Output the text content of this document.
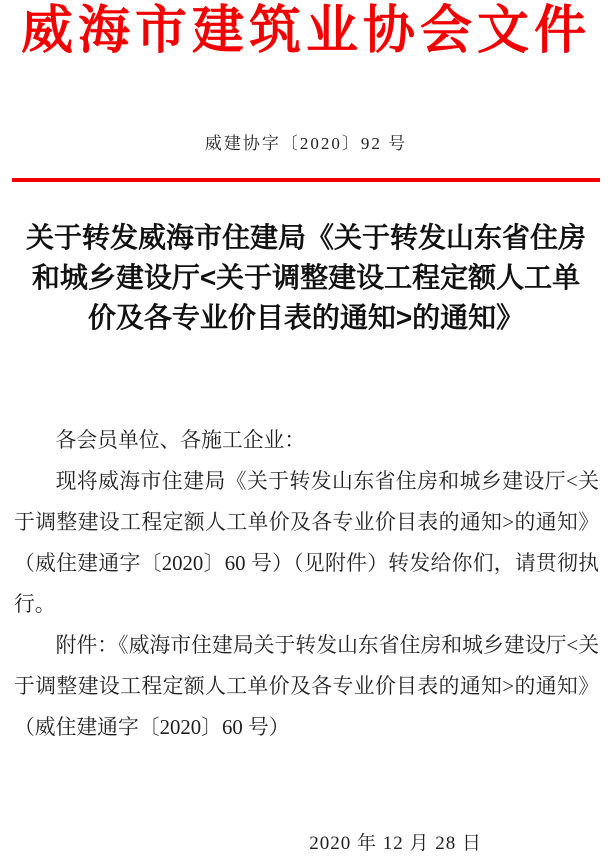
威海市建筑业协会文件
威建协字〔2020〕92 号
关于转发威海市住建局《关于转发山东省住房
和城乡建设厅<关于调整建设工程定额人工单
价及各专业价目表的通知>的通知》

各会员单位、各施工企业：

现将威海市住建局《关于转发山东省住房和城乡建设厅<关于调整建设工程定额人工单价及各专业价目表的通知>的通知》（威住建通字〔2020〕60 号）（见附件）转发给你们，请贯彻执行。

附件：《威海市住建局关于转发山东省住房和城乡建设厅<关于调整建设工程定额人工单价及各专业价目表的通知>的通知》（威住建通字〔2020〕60 号）

2020 年 12 月 28 日
